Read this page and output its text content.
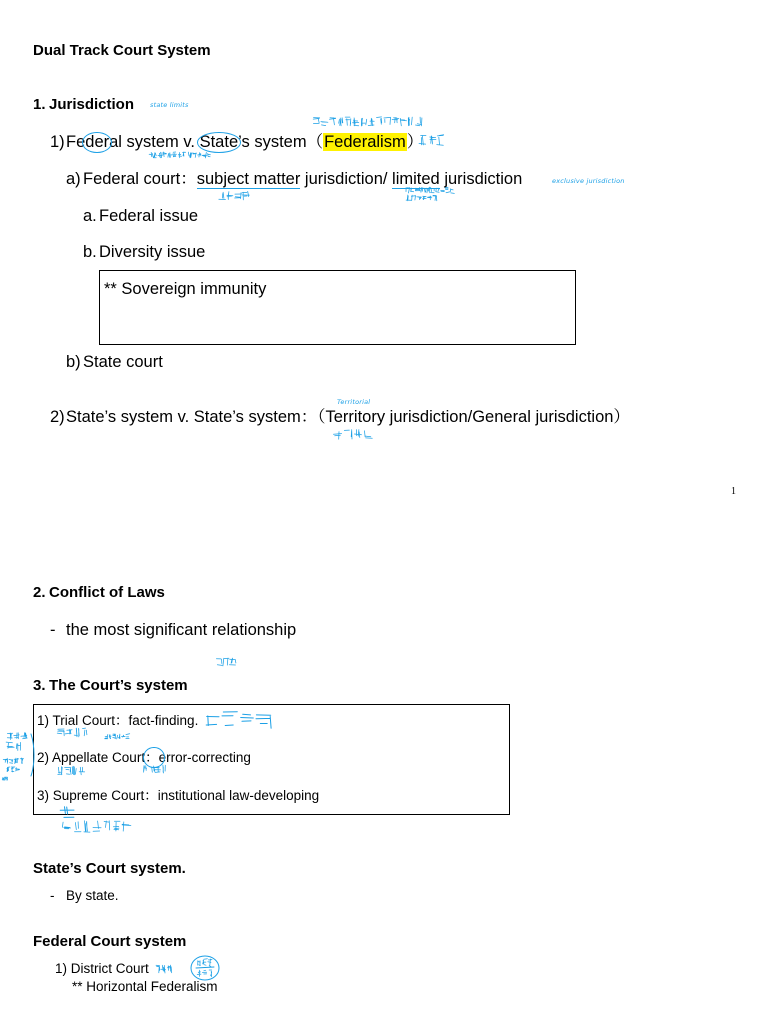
Dual Track Court System
1. Jurisdiction state limits
1) Federal system v. State’s system（Federalism）
a) Federal court：subject matter jurisdiction/ limited jurisdiction	exclusive jurisdiction
a. Federal issue
b. Diversity issue
** Sovereign immunity
b) State court
Territorial
2) State’s system v. State’s system：（Territory jurisdiction/General jurisdiction）
1
2. Conflict of Laws
- the most significant relationship
3. The Court’s system
1) Trial Court：fact-finding.
2) Appellate Court：error-correcting
3) Supreme Court：institutional law-developing
State’s Court system.
- By state.
Federal Court system
1) District Court
** Horizontal Federalism
